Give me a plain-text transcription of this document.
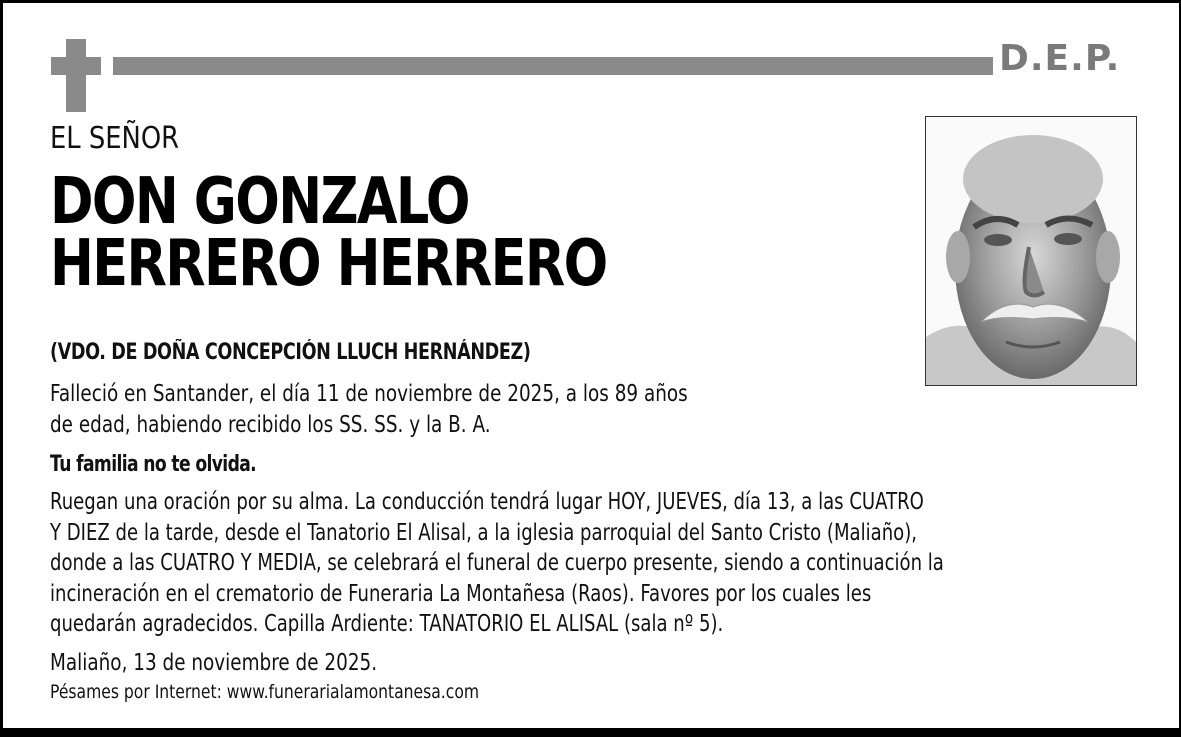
D.E.P.
EL SEÑOR
DON GONZALO
HERRERO HERRERO
(VDO. DE DOÑA CONCEPCIÓN LLUCH HERNÁNDEZ)
Falleció en Santander, el día 11 de noviembre de 2025, a los 89 años
de edad, habiendo recibido los SS. SS. y la B. A.
Tu familia no te olvida.
Ruegan una oración por su alma. La conducción tendrá lugar HOY, JUEVES, día 13, a las CUATRO
Y DIEZ de la tarde, desde el Tanatorio El Alisal, a la iglesia parroquial del Santo Cristo (Maliaño),
donde a las CUATRO Y MEDIA, se celebrará el funeral de cuerpo presente, siendo a continuación la
incineración en el crematorio de Funeraria La Montañesa (Raos). Favores por los cuales les
quedarán agradecidos. Capilla Ardiente: TANATORIO EL ALISAL (sala nº 5).
Maliaño, 13 de noviembre de 2025.
Pésames por Internet: www.funerarialamontanesa.com
